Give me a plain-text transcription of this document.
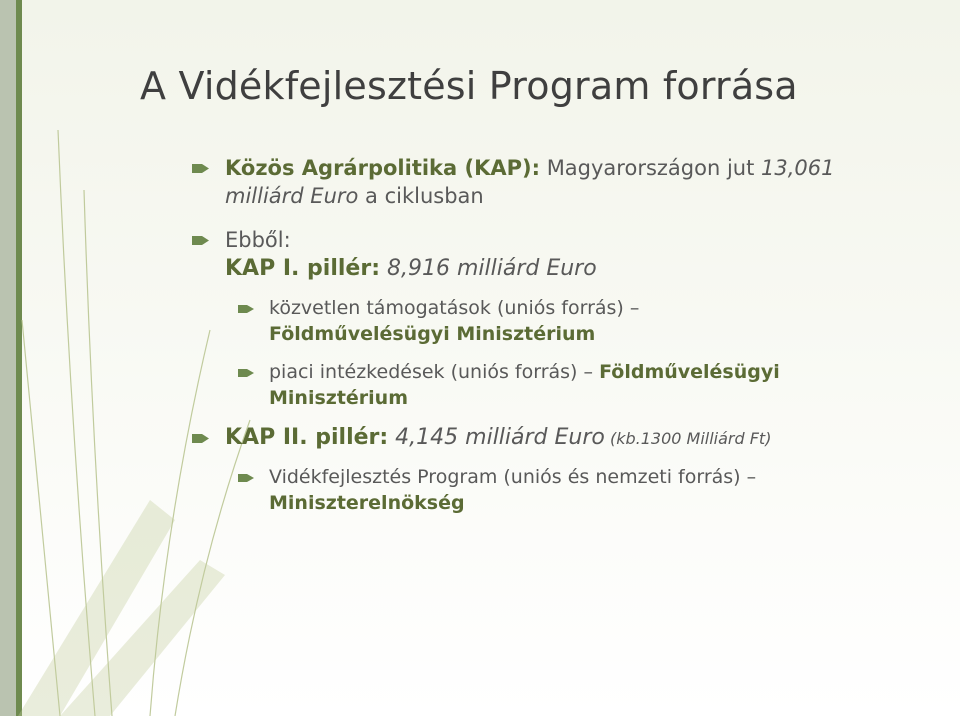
A Vidékfejlesztési Program forrása
Közös Agrárpolitika (KAP): Magyarországon jut 13,061
milliárd Euro a ciklusban
Ebből:
KAP I. pillér: 8,916 milliárd Euro
közvetlen támogatások (uniós forrás) –
Földművelésügyi Minisztérium
piaci intézkedések (uniós forrás) – Földművelésügyi
Minisztérium
KAP II. pillér: 4,145 milliárd Euro (kb.1300 Milliárd Ft)
Vidékfejlesztés Program (uniós és nemzeti forrás) –
Miniszterelnökség
